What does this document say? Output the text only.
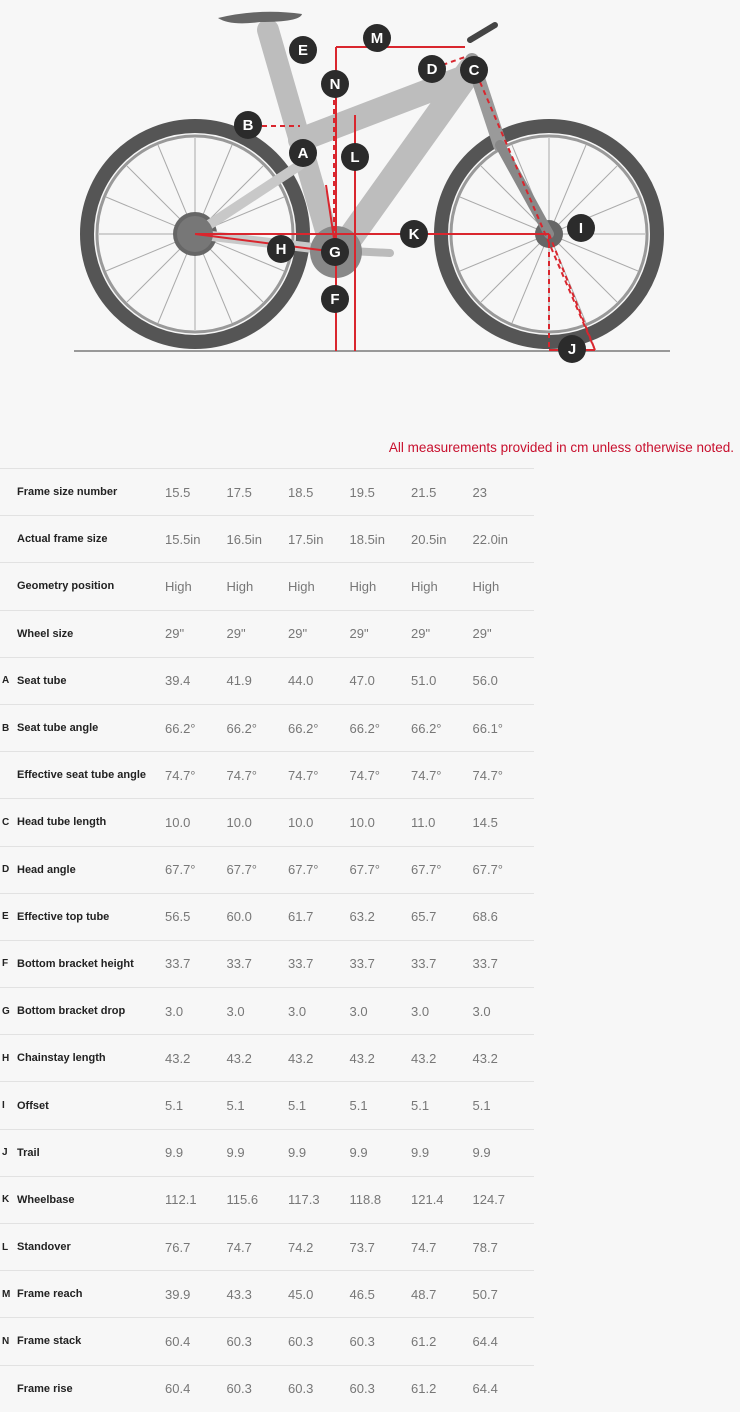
A
B
C
D
E
F
G
H
I
J
K
L
M
N
All measurements provided in cm unless otherwise noted.
	Frame size number	15.5	17.5	18.5	19.5	21.5	23
	Actual frame size	15.5in	16.5in	17.5in	18.5in	20.5in	22.0in
	Geometry position	High	High	High	High	High	High
	Wheel size	29"	29"	29"	29"	29"	29"
A	Seat tube	39.4	41.9	44.0	47.0	51.0	56.0
B	Seat tube angle	66.2°	66.2°	66.2°	66.2°	66.2°	66.1°
	Effective seat tube angle	74.7°	74.7°	74.7°	74.7°	74.7°	74.7°
C	Head tube length	10.0	10.0	10.0	10.0	11.0	14.5
D	Head angle	67.7°	67.7°	67.7°	67.7°	67.7°	67.7°
E	Effective top tube	56.5	60.0	61.7	63.2	65.7	68.6
F	Bottom bracket height	33.7	33.7	33.7	33.7	33.7	33.7
G	Bottom bracket drop	3.0	3.0	3.0	3.0	3.0	3.0
H	Chainstay length	43.2	43.2	43.2	43.2	43.2	43.2
I	Offset	5.1	5.1	5.1	5.1	5.1	5.1
J	Trail	9.9	9.9	9.9	9.9	9.9	9.9
K	Wheelbase	112.1	115.6	117.3	118.8	121.4	124.7
L	Standover	76.7	74.7	74.2	73.7	74.7	78.7
M	Frame reach	39.9	43.3	45.0	46.5	48.7	50.7
N	Frame stack	60.4	60.3	60.3	60.3	61.2	64.4
	Frame rise	60.4	60.3	60.3	60.3	61.2	64.4
